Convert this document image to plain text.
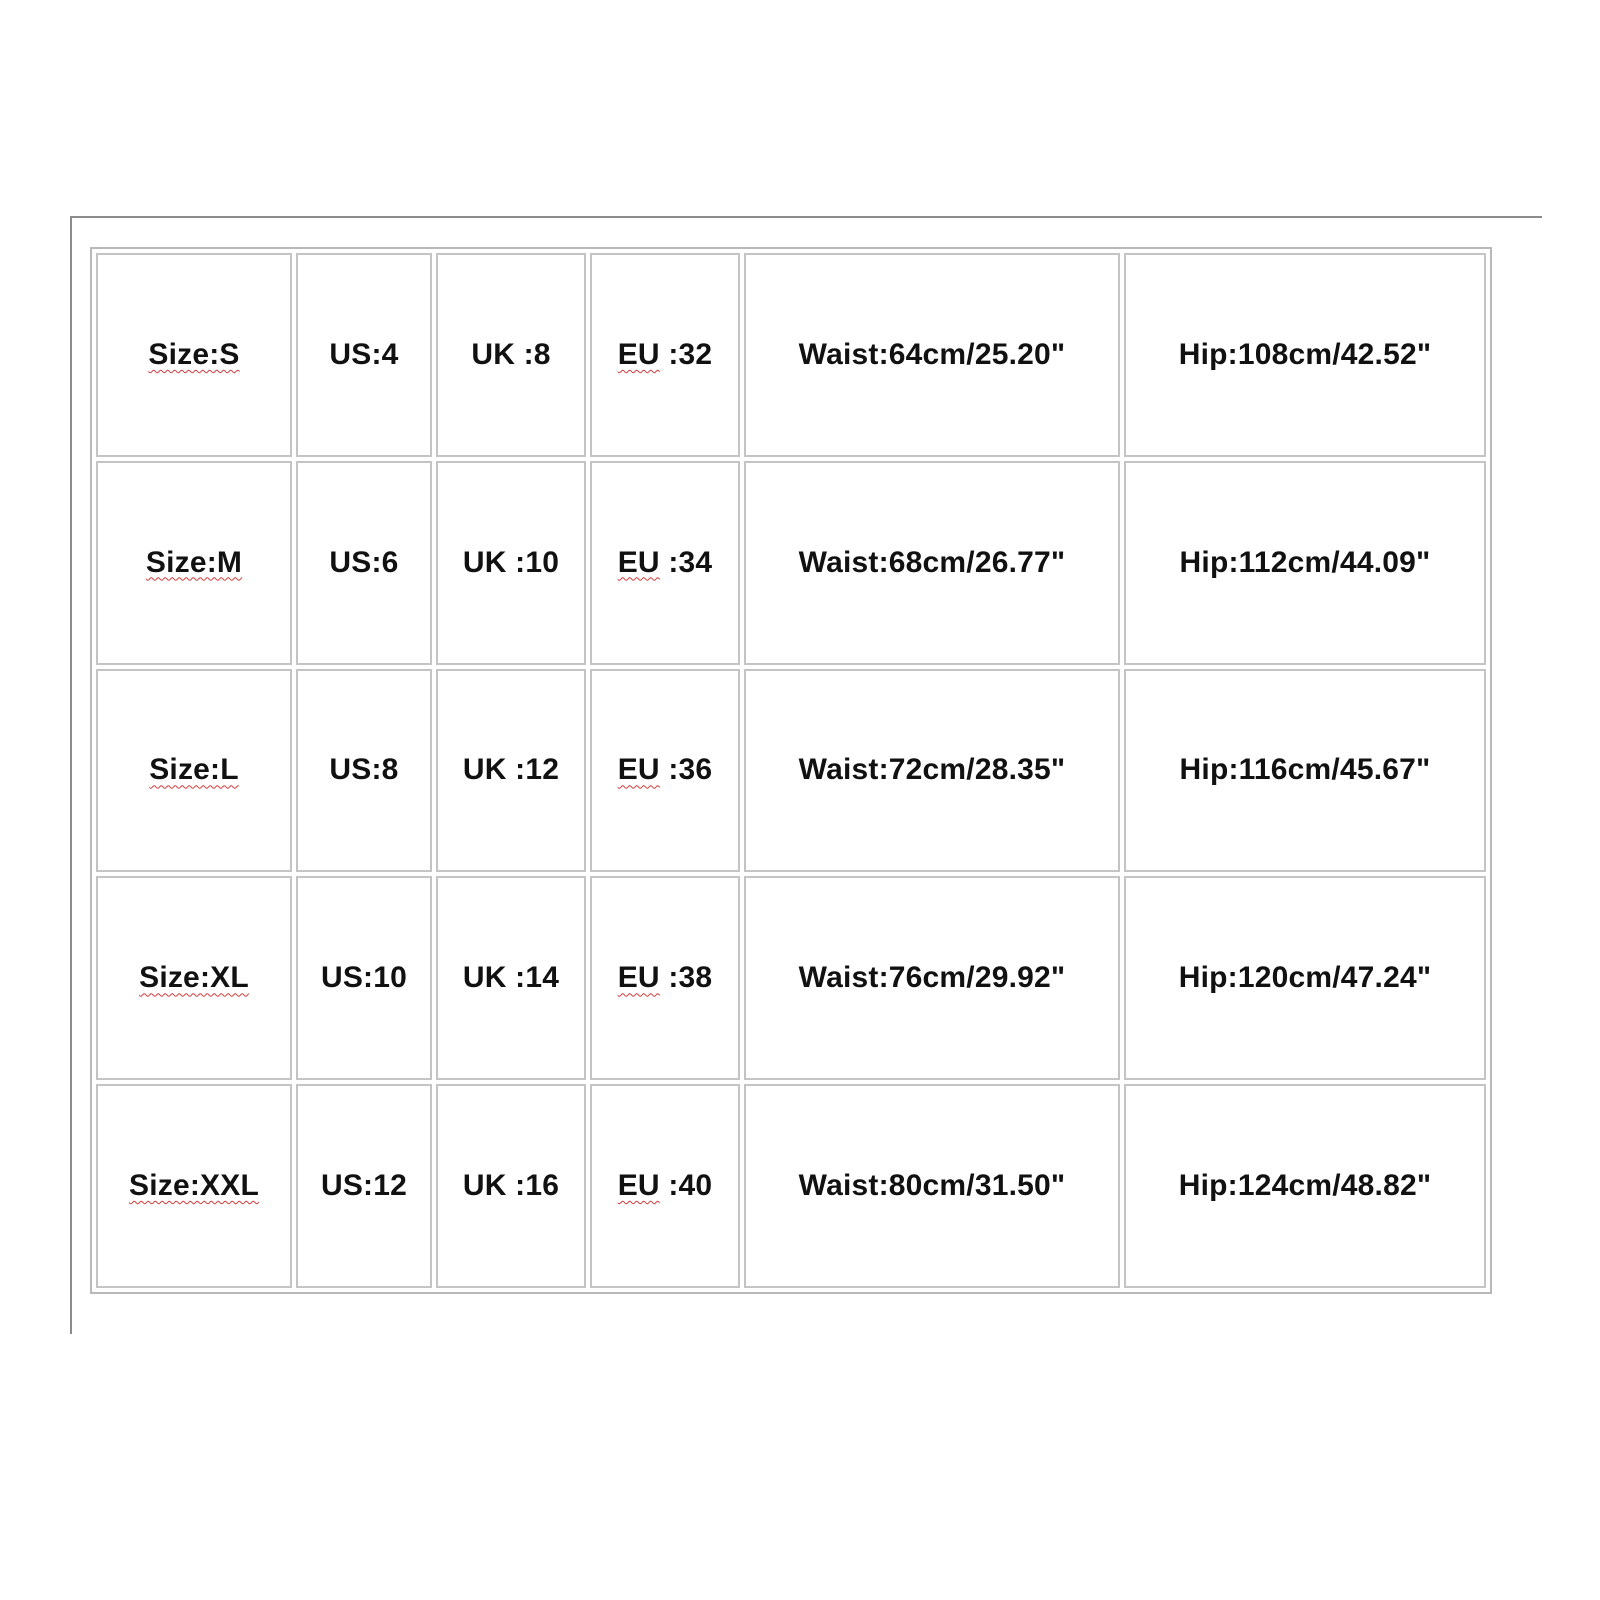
Size:S	US:4	UK :8	EU :32	Waist:64cm/25.20"	Hip:108cm/42.52"
Size:M	US:6	UK :10	EU :34	Waist:68cm/26.77"	Hip:112cm/44.09"
Size:L	US:8	UK :12	EU :36	Waist:72cm/28.35"	Hip:116cm/45.67"
Size:XL	US:10	UK :14	EU :38	Waist:76cm/29.92"	Hip:120cm/47.24"
Size:XXL	US:12	UK :16	EU :40	Waist:80cm/31.50"	Hip:124cm/48.82"
